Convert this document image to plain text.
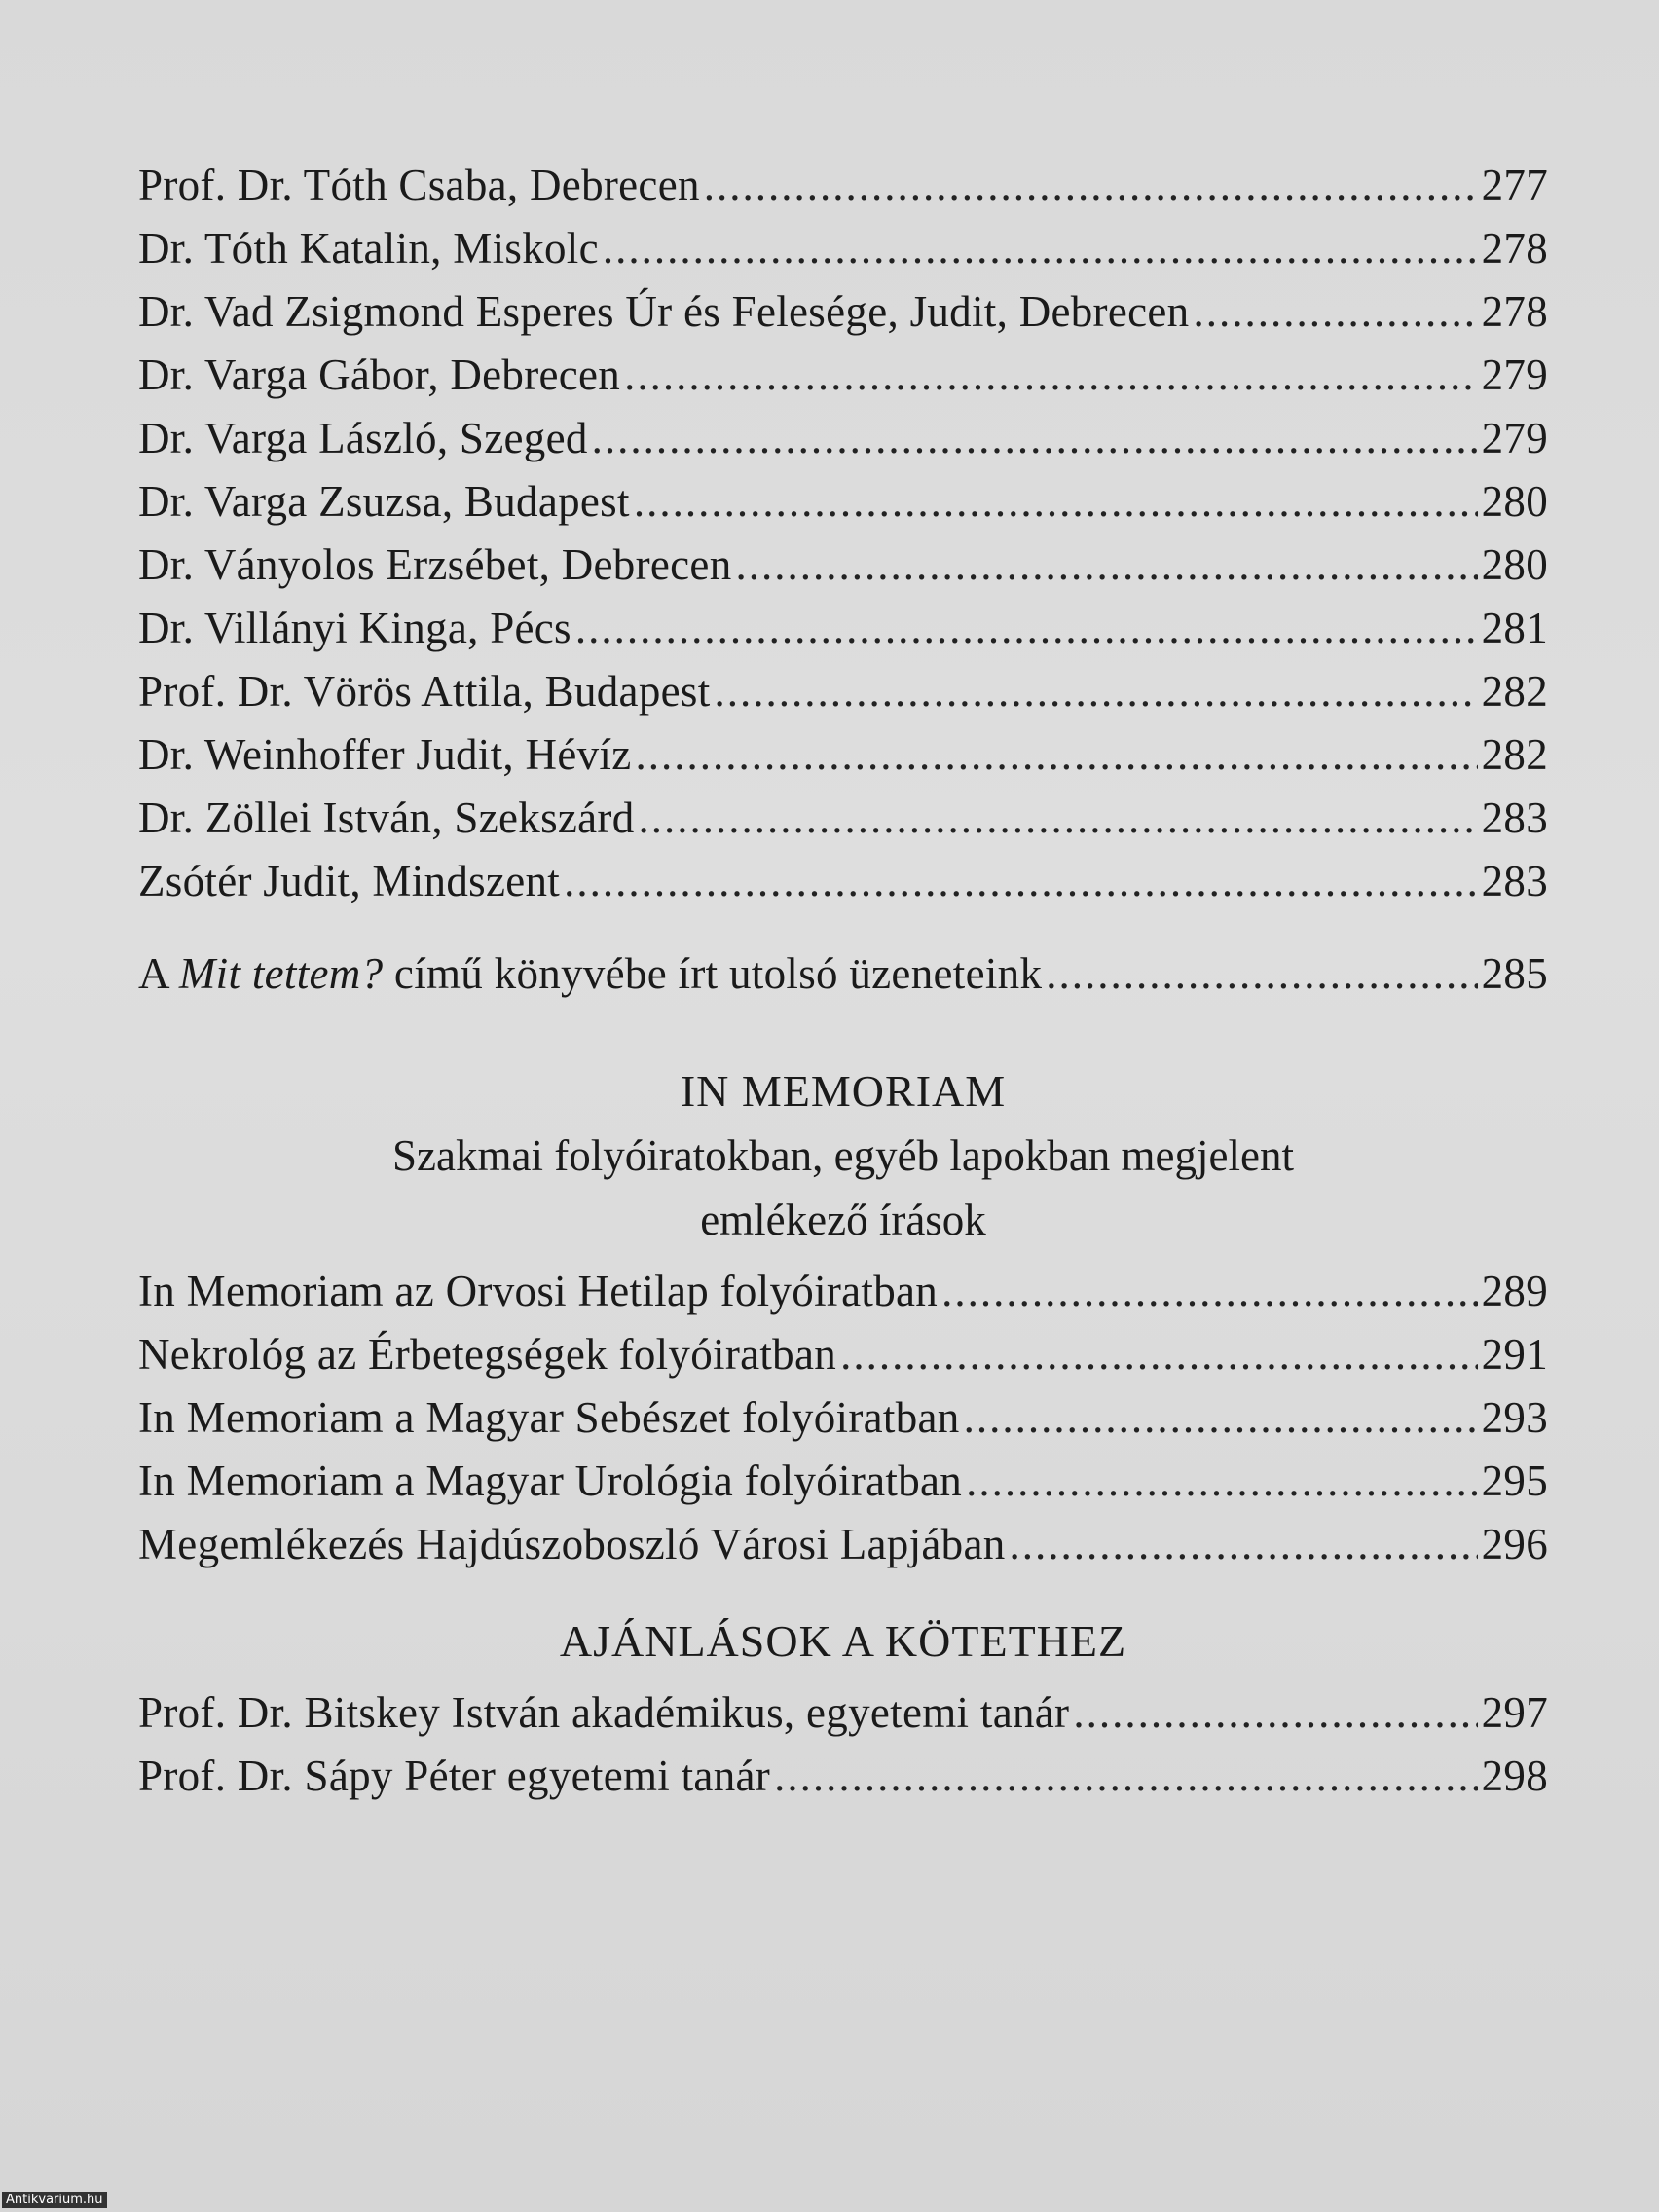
Prof. Dr. Tóth Csaba, Debrecen .....	277
Dr. Tóth Katalin, Miskolc .....	278
Dr. Vad Zsigmond Esperes Úr és Felesége, Judit, Debrecen .....	278
Dr. Varga Gábor, Debrecen .....	279
Dr. Varga László, Szeged .....	279
Dr. Varga Zsuzsa, Budapest .....	280
Dr. Ványolos Erzsébet, Debrecen .....	280
Dr. Villányi Kinga, Pécs .....	281
Prof. Dr. Vörös Attila, Budapest .....	282
Dr. Weinhoffer Judit, Hévíz .....	282
Dr. Zöllei István, Szekszárd .....	283
Zsótér Judit, Mindszent .....	283
A Mit tettem? című könyvébe írt utolsó üzeneteink .....	285
IN MEMORIAM
Szakmai folyóiratokban, egyéb lapokban megjelent
emlékező írások
In Memoriam az Orvosi Hetilap folyóiratban .....	289
Nekrológ az Érbetegségek folyóiratban .....	291
In Memoriam a Magyar Sebészet folyóiratban .....	293
In Memoriam a Magyar Urológia folyóiratban .....	295
Megemlékezés Hajdúszoboszló Városi Lapjában .....	296
AJÁNLÁSOK A KÖTETHEZ
Prof. Dr. Bitskey István akadémikus, egyetemi tanár .....	297
Prof. Dr. Sápy Péter egyetemi tanár .....	298
Antikvarium.hu
